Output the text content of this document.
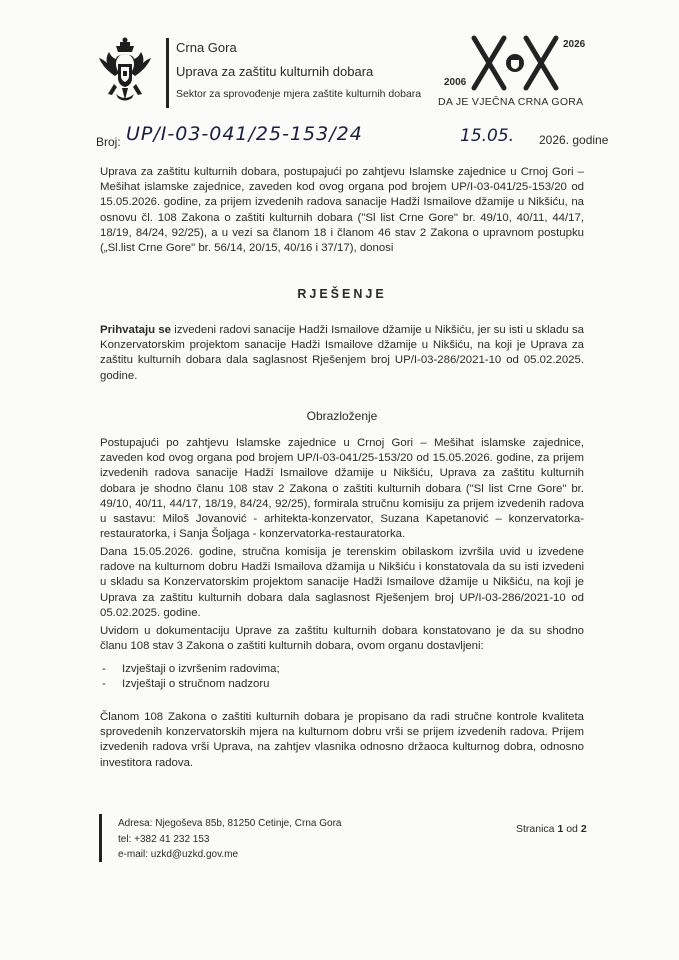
Crna Gora
Uprava za zaštitu kulturnih dobara
Sektor za sprovođenje mjera zaštite kulturnih dobara
2026
2006
DA JE VJEČNA CRNA GORA
Broj: UP/I-03-041/25-153/24	15.05. 2026. godine
Uprava za zaštitu kulturnih dobara, postupajući po zahtjevu Islamske zajednice u Crnoj Gori – Mešihat islamske zajednice, zaveden kod ovog organa pod brojem UP/I-03-041/25-153/20 od 15.05.2026. godine, za prijem izvedenih radova sanacije Hadži Ismailove džamije u Nikšiću, na osnovu čl. 108 Zakona o zaštiti kulturnih dobara ("Sl list Crne Gore" br. 49/10, 40/11, 44/17, 18/19, 84/24, 92/25), a u vezi sa članom 18 i članom 46 stav 2 Zakona o upravnom postupku („Sl.list Crne Gore" br. 56/14, 20/15, 40/16 i 37/17), donosi
RJEŠENJE
Prihvataju se izvedeni radovi sanacije Hadži Ismailove džamije u Nikšiću, jer su isti u skladu sa Konzervatorskim projektom sanacije Hadži Ismailove džamije u Nikšiću, na koji je Uprava za zaštitu kulturnih dobara dala saglasnost Rješenjem broj UP/I-03-286/2021-10 od 05.02.2025. godine.
Obrazloženje
Postupajući po zahtjevu Islamske zajednice u Crnoj Gori – Mešihat islamske zajednice, zaveden kod ovog organa pod brojem UP/I-03-041/25-153/20 od 15.05.2026. godine, za prijem izvedenih radova sanacije Hadži Ismailove džamije u Nikšiću, Uprava za zaštitu kulturnih dobara je shodno članu 108 stav 2 Zakona o zaštiti kulturnih dobara ("Sl list Crne Gore" br. 49/10, 40/11, 44/17, 18/19, 84/24, 92/25), formirala stručnu komisiju za prijem izvedenih radova u sastavu: Miloš Jovanović - arhitekta-konzervator, Suzana Kapetanović – konzervatorka-restauratorka, i Sanja Šoljaga - konzervatorka-restauratorka.
Dana 15.05.2026. godine, stručna komisija je terenskim obilaskom izvršila uvid u izvedene radove na kulturnom dobru Hadži Ismailova džamija u Nikšiću i konstatovala da su isti izvedeni u skladu sa Konzervatorskim projektom sanacije Hadži Ismailove džamije u Nikšiću, na koji je Uprava za zaštitu kulturnih dobara dala saglasnost Rješenjem broj UP/I-03-286/2021-10 od 05.02.2025. godine.
Uvidom u dokumentaciju Uprave za zaštitu kulturnih dobara konstatovano je da su shodno članu 108 stav 3 Zakona o zaštiti kulturnih dobara, ovom organu dostavljeni:
- Izvještaji o izvršenim radovima;
- Izvještaji o stručnom nadzoru
Članom 108 Zakona o zaštiti kulturnih dobara je propisano da radi stručne kontrole kvaliteta sprovedenih konzervatorskih mjera na kulturnom dobru vrši se prijem izvedenih radova. Prijem izvedenih radova vrši Uprava, na zahtjev vlasnika odnosno držaoca kulturnog dobra, odnosno investitora radova.
Adresa: Njegoševa 85b, 81250 Cetinje, Crna Gora
tel: +382 41 232 153
e-mail: uzkd@uzkd.gov.me
Stranica 1 od 2
